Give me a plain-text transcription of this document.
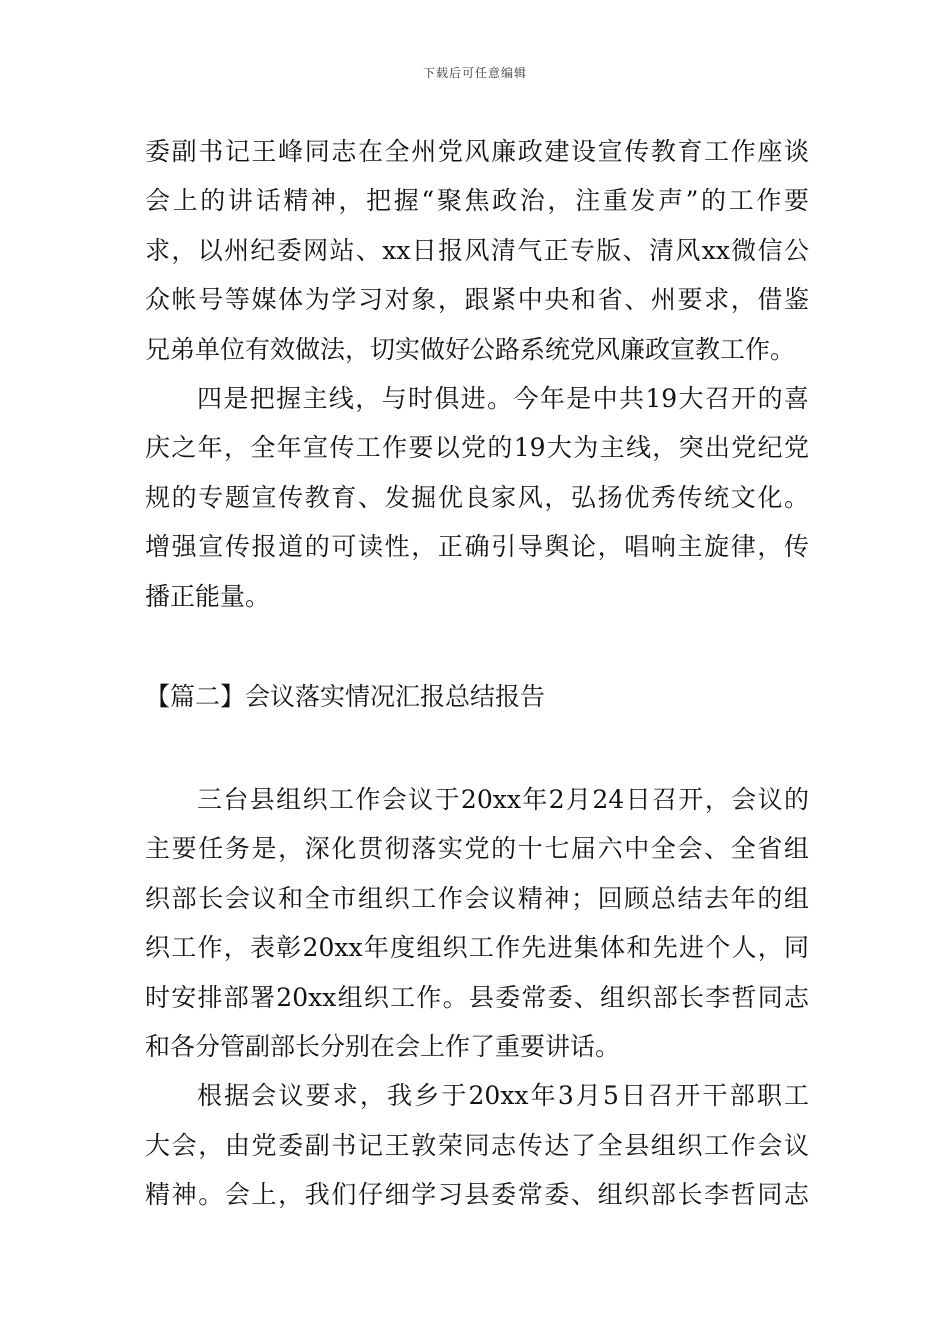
下载后可任意编辑
委副书记王峰同志在全州党风廉政建设宣传教育工作座谈
会上的讲话精神，把握“聚焦政治，注重发声”的工作要
求，以州纪委网站、xx日报风清气正专版、清风xx微信公
众帐号等媒体为学习对象，跟紧中央和省、州要求，借鉴
兄弟单位有效做法，切实做好公路系统党风廉政宣教工作。
四是把握主线，与时俱进。今年是中共19大召开的喜
庆之年，全年宣传工作要以党的19大为主线，突出党纪党
规的专题宣传教育、发掘优良家风，弘扬优秀传统文化。
增强宣传报道的可读性，正确引导舆论，唱响主旋律，传
播正能量。
【篇二】会议落实情况汇报总结报告
三台县组织工作会议于20xx年2月24日召开，会议的
主要任务是，深化贯彻落实党的十七届六中全会、全省组
织部长会议和全市组织工作会议精神；回顾总结去年的组
织工作，表彰20xx年度组织工作先进集体和先进个人，同
时安排部署20xx组织工作。县委常委、组织部长李哲同志
和各分管副部长分别在会上作了重要讲话。
根据会议要求，我乡于20xx年3月5日召开干部职工
大会，由党委副书记王敦荣同志传达了全县组织工作会议
精神。会上，我们仔细学习县委常委、组织部长李哲同志
